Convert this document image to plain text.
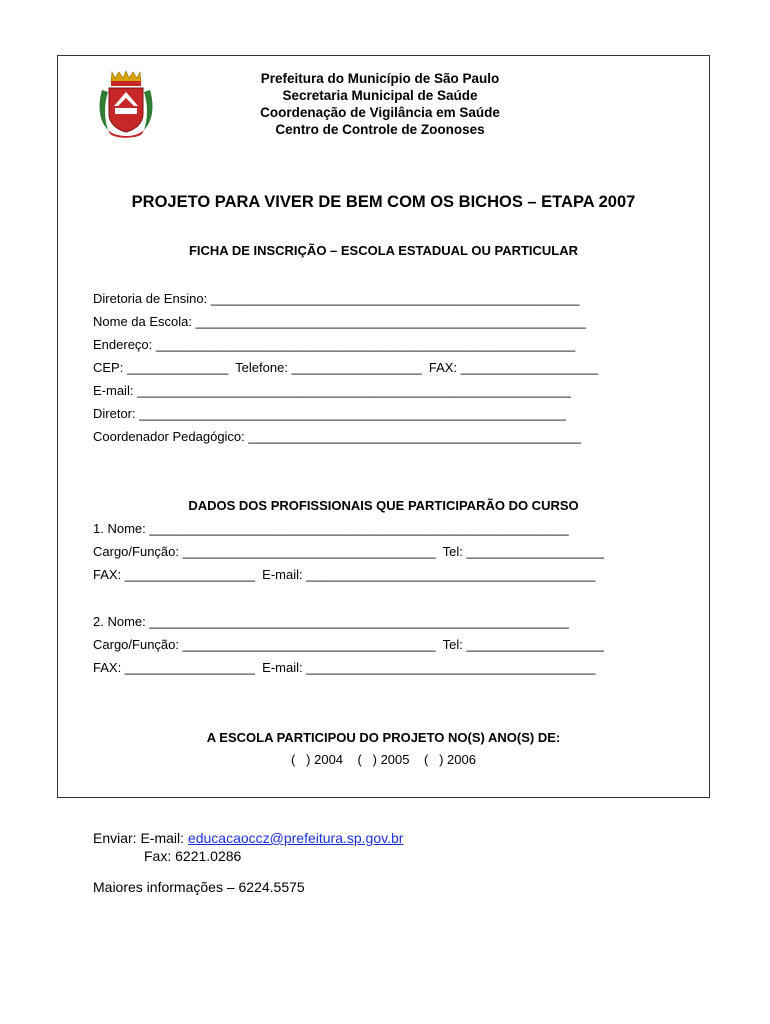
Prefeitura do Município de São Paulo
Secretaria Municipal de Saúde
Coordenação de Vigilância em Saúde
Centro de Controle de Zoonoses
PROJETO PARA VIVER DE BEM COM OS BICHOS – ETAPA 2007
FICHA DE INSCRIÇÃO – ESCOLA ESTADUAL OU PARTICULAR
Diretoria de Ensino: ___________________________________________________
Nome da Escola: ______________________________________________________
Endereço: __________________________________________________________
CEP: ______________  Telefone: __________________  FAX: ___________________
E-mail: ____________________________________________________________
Diretor: ___________________________________________________________
Coordenador Pedagógico: ______________________________________________
DADOS DOS PROFISSIONAIS QUE PARTICIPARÃO DO CURSO
1. Nome: __________________________________________________________
Cargo/Função: ___________________________________  Tel: ___________________
FAX: __________________  E-mail: ________________________________________
2. Nome: __________________________________________________________
Cargo/Função: ___________________________________  Tel: ___________________
FAX: __________________  E-mail: ________________________________________
A ESCOLA PARTICIPOU DO PROJETO NO(S) ANO(S) DE:
(   ) 2004    (   ) 2005    (   ) 2006
Enviar: E-mail: educacaoccz@prefeitura.sp.gov.br
Fax: 6221.0286
Maiores informações – 6224.5575
